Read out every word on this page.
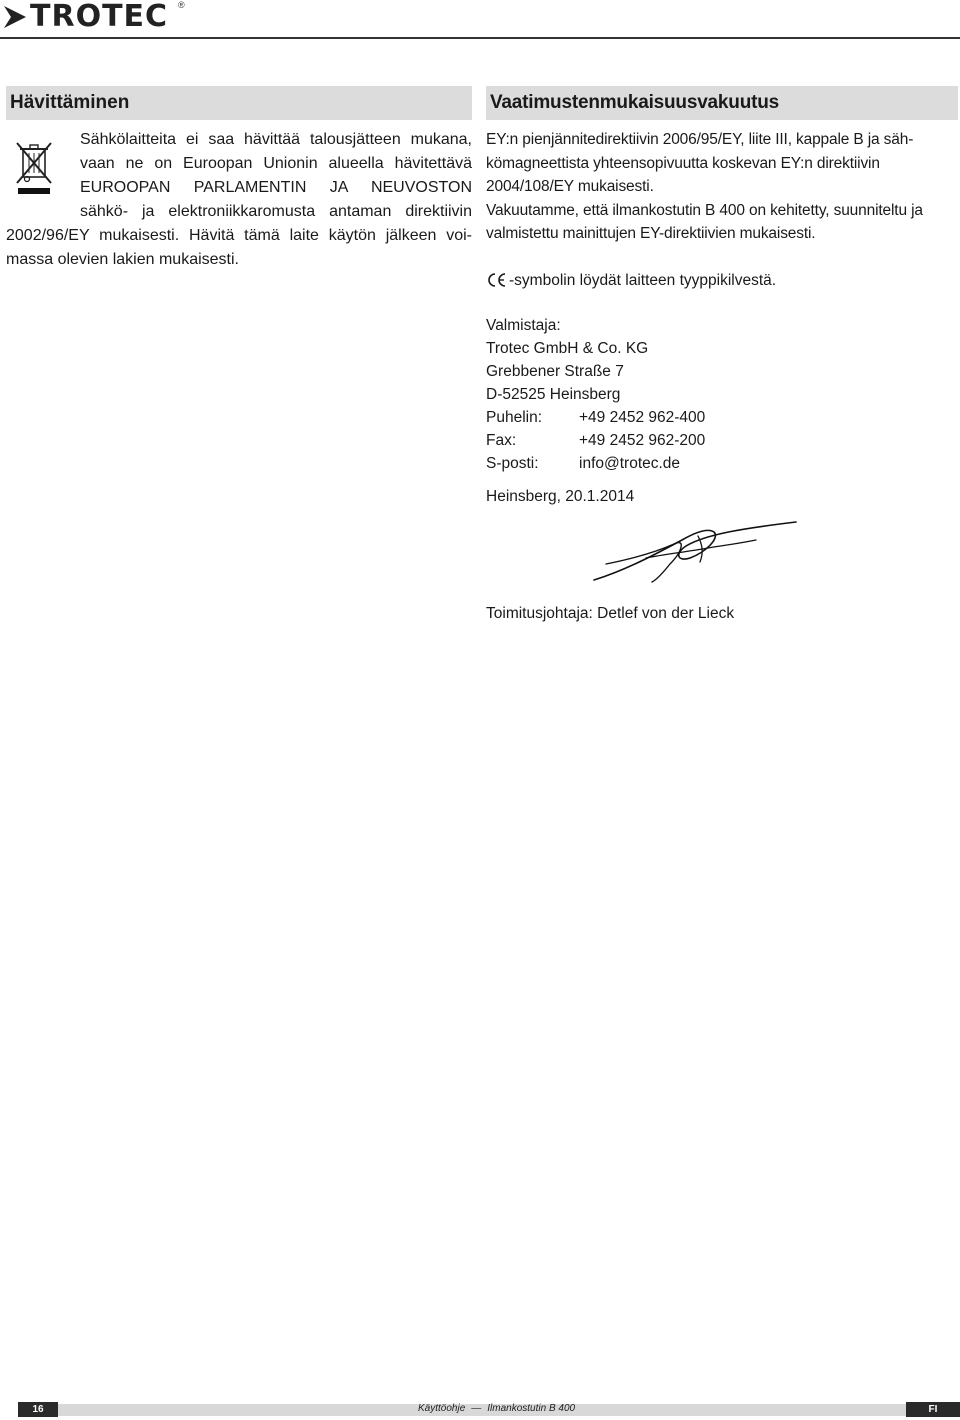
TROTEC ®
Hävittäminen
Sähkölaitteita ei saa hävittää talousjätteen mukana,
vaan ne on Euroopan Unionin alueella hävitettävä
EUROOPAN PARLAMENTIN JA NEUVOSTON
sähkö- ja elektroniikkaromusta antaman direktiivin
2002/96/EY mukaisesti. Hävitä tämä laite käytön jälkeen voi-
massa olevien lakien mukaisesti.
Vaatimustenmukaisuusvakuutus
EY:n pienjännitedirektiivin 2006/95/EY, liite III, kappale B ja säh-
kömagneettista yhteensopivuutta koskevan EY:n direktiivin
2004/108/EY mukaisesti.
Vakuutamme, että ilmankostutin B 400 on kehitetty, suunniteltu ja
valmistettu mainittujen EY-direktiivien mukaisesti.
-symbolin löydät laitteen tyyppikilvestä.
Valmistaja:
Trotec GmbH & Co. KG
Grebbener Straße 7
D-52525 Heinsberg
Puhelin:	+49 2452 962-400
Fax:	+49 2452 962-200
S-posti:	info@trotec.de
Heinsberg, 20.1.2014
Toimitusjohtaja: Detlef von der Lieck
16	Käyttöohje — Ilmankostutin B 400	FI
